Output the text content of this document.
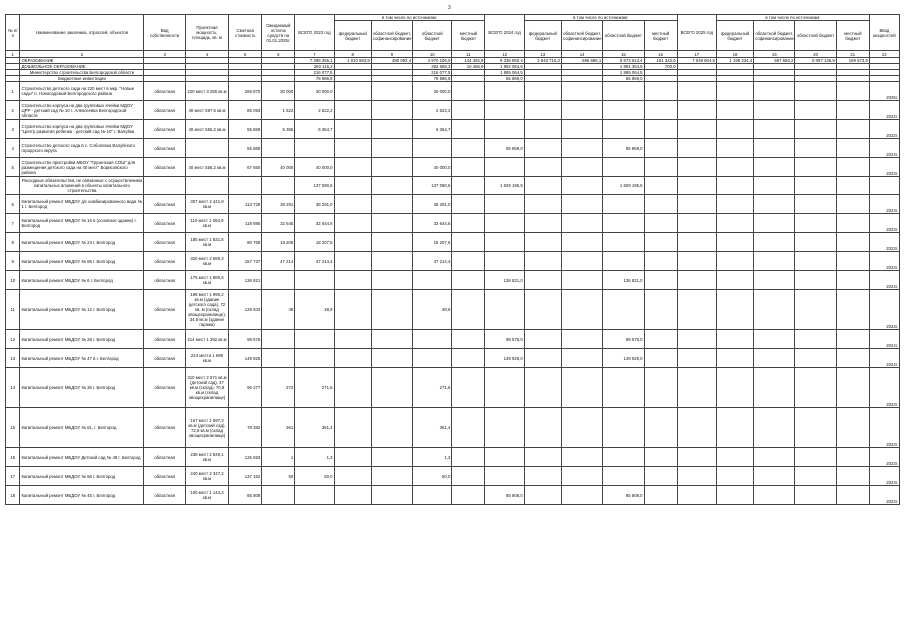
3
№ п/п	Наименование заказчика, отраслей, объектов	Вид собственности	Проектная мощность, площадь, кв. м	Сметная стоимость	Ожидаемый остаток средств на 01.01.2025г.	ВСЕГО 2023 год	в том числе по источникам:				ВСЕГО 2024 год	в том числе по источникам:				ВСЕГО 2025 год	в том числе по источникам:				Ввод мощностей
							федеральный бюджет	областной бюджет, софинансирование	областной бюджет	местный бюджет		федеральный бюджет	областной бюджет, софинансирование	областной бюджет	местный бюджет		федеральный бюджет	областной бюджет, софинансирование	областной бюджет	местный бюджет	
1	2	3	4	5	6	7	8	9	10	11	12	13	14	15	16	17	18	19	20	21	22
	ОБРАЗОВАНИЕ					7 285 355,1	1 810 683,8	480 092,4	4 970 106,0	144 482,9	9 336 850,4	2 843 715,3	595 686,1	5 673 613,4	151 342,6	7 049 604,8	1 195 234,4	597 650,2	5 087 136,9	169 573,5	
	ДОШКОЛЬНОЕ ОБРАЗОВАНИЕ					393 115,2			382 658,3	10 456,9	1 892 064,6			1 891 364,6	700,0						
	Министерство строительства Белгородской области					216 077,5			216 077,5		1 885 064,5			1 885 064,5							
	Бюджетные инвестиции					78 986,9			78 986,9		55 869,0			55 869,0							
1	Строительство детского сада на 220 мест в мкр. "Новые сады" п. Новосадовый Белгородского района	областная	220 мест 3 280 кв.м	269 870	30 000	30 000,0			30 000,0												2025г.
2	Строительство корпуса на два групповых ячейки МДОУ ЦРР - детский сад № 10 г. Алексеевка Белгородской области	областная	40 мест 597,6 кв.м	85 093	1 622	2 622,2			2 622,2												2022г.
3	Строительство корпуса на два групповых ячейки МДОУ "Центр развития ребёнка - детский сад № 10" г. Валуйки	областная	40 мест 556,2 кв.м	55 869	5 365	6 364,7			6 364,7												2022г.
4	Строительство детского сада в с. Соболевка Валуйского городского округа	областная		55 869							55 869,0			55 869,0							2024г.
5	Строительство пристройки МБОУ "Грузенская СОШ" для размещения детского сада на 40 мест" Борисовского района	областная	40 мест 556,2 кв.м	67 650	40 000	40 000,0			40 000,0												2023г.
	Расходные обязательства, не связанные с осуществлением капитальных вложений в объекты капитального строительства					137 090,6			137 090,6		1 829 195,5			1 829 195,5							
6	Капитальный ремонт МБДОУ д/с комбинированного вида № 1 г. Белгород	областная	307 мест 2 441,9 кв.м	113 728	38 291	38 291,0			38 291,0												2023г.
7	Капитальный ремонт МБДОУ № 16 в (основное здание) г. Белгород	областная	110 мест 1 063,9 кв.м	119 895	32 645	32 644,6			32 644,6												2023г.
8	Капитальный ремонт МБДОУ № 23 г. Белгород	областная	185 мест 1 831,5 кв.м	80 758	18 208	18 207,6			18 207,6												2023г.
9	Капитальный ремонт МБДОУ № 85 г. Белгород	областная	320 мест 2 680,3 кв.м	157 737	47 214	47 214,4			47 214,4												2023г.
10	Капитальный ремонт МБДОУ № 6 г. Белгород	областная	175 мест 1 880,6 кв.м	136 821							136 821,0			136 821,0							2024г.
11	Капитальный ремонт МБДОУ № 12 г. Белгород	областная	198 мест 1 990,2 кв.м (здание детского сада), 72 кв. м (склад овощехранилище), 34,5 кв.м (здание гаража)	129 943	49	48,9			48,9												2023г.
12	Капитальный ремонт МБДОУ № 28 г. Белгород	областная	214 мест 1 392 кв.м	99 576							99 576,0			99 576,0							2024г.
13	Капитальный ремонт МБДОУ № 47 в г. Белгород	областная	224 места 1 699 кв.м	149 925							149 925,0			149 925,0							2024г.
14	Капитальный ремонт МБДОУ № 35 г. Белгород	областная	310 мест 2 571 кв.м (детский сад), 47 кв.м (склад), 70,9 кв.м (склад овощехранилище)	96 277	272	271,6			271,6												2023г.
15	Капитальный ремонт МБДОУ № 61, г. Белгород	областная	167 мест 1 597,3 кв.м (детский сад), 72,8 кв.м (склад овощехранилище)	78 382	361	361,4			361,4												2023г.
16	Капитальный ремонт МБДОУ Детский сад № 48 г. Белгород	областная	238 мест 2 849,1 кв.м	126 693	1	1,3			1,3												2023г.
17	Капитальный ремонт МБДОУ № 66 г. Белгород	областная	240 мест 2 347,2 кв.м	137 152	50	50,0			50,0												2023г.
18	Капитальный ремонт МБДОУ № 45 г. Белгород	областная	100 мест 1 144,3 кв.м	85 808							85 808,0			85 808,0							2024г.
